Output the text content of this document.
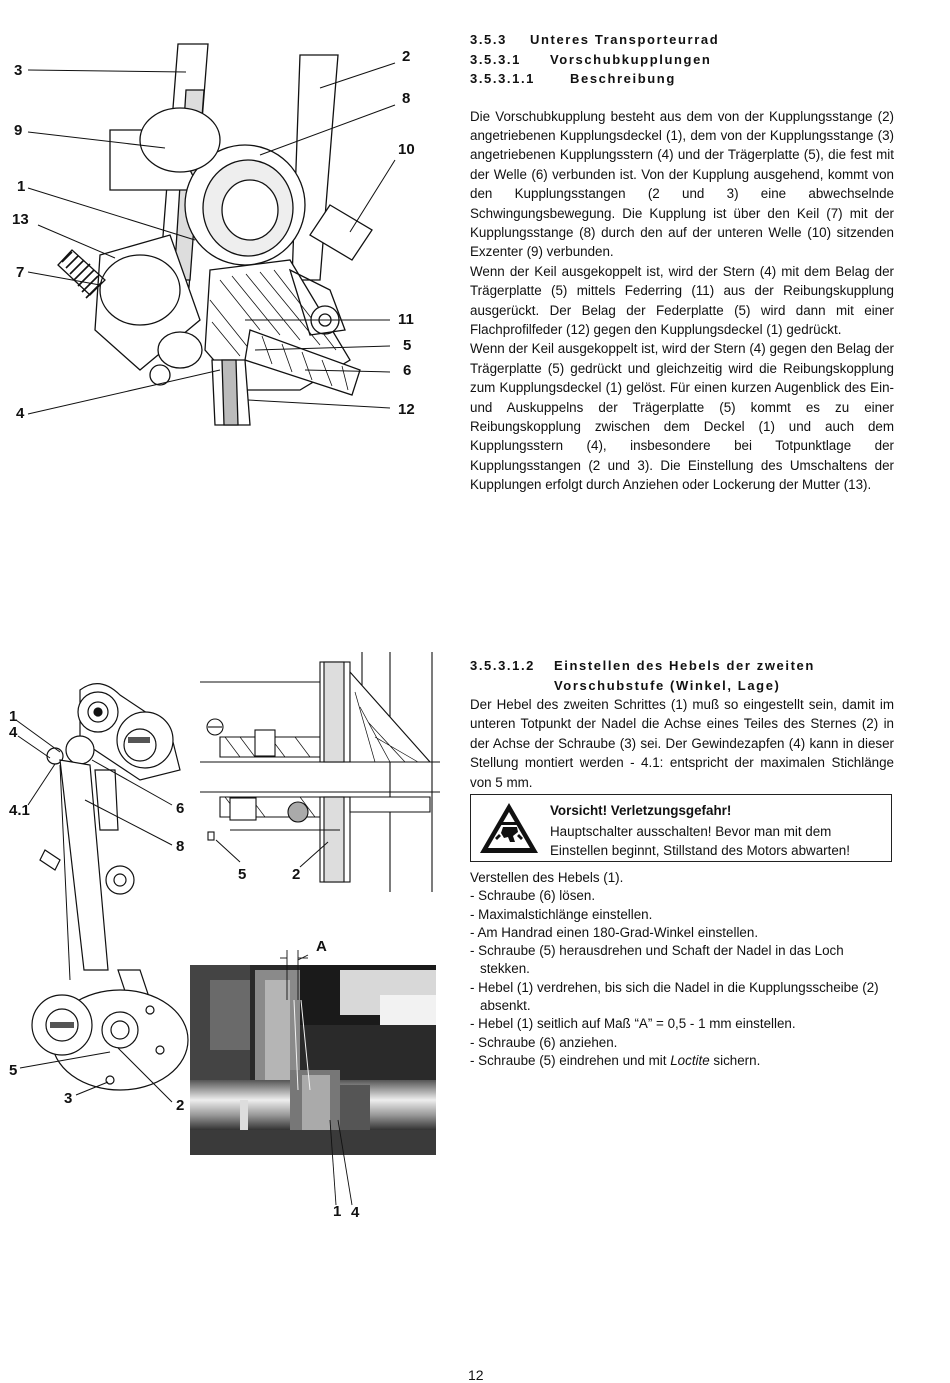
3
2
8
9
10
1
13
7
11
5
6
4	12
3.5.3 Unteres Transporteurrad
3.5.3.1 Vorschubkupplungen
3.5.3.1.1	Beschreibung

Die Vorschubkupplung besteht aus dem von der Kupplungsstange (2) angetriebenen Kupplungsdeckel (1), dem von der Kupplungsstange (3) angetriebenen Kupplungsstern (4) und der Trägerplatte (5), die fest mit der Welle (6) verbunden ist. Von der Kupplung ausgehend, kommt von den Kupplungsstangen (2 und 3) eine abwechselnde Schwingungsbewegung. Die Kupplung ist über den Keil (7) mit der Kupplungsstange (8) durch den auf der unteren Welle (10) sitzenden Exzenter (9) verbunden.

Wenn der Keil ausgekoppelt ist, wird der Stern (4) mit dem Belag der Trägerplatte (5) mittels Federring (11) aus der Reibungskupplung ausgerückt. Der Belag der Federplatte (5) wird dann mit einer Flachprofilfeder (12) gegen den Kupplungsdeckel (1) gedrückt.

Wenn der Keil ausgekoppelt ist, wird der Stern (4) gegen den Belag der Trägerplatte (5) gedrückt und gleichzeitig wird die Reibungskopplung zum Kupplungsdeckel (1) gelöst. Für einen kurzen Augenblick des Ein- und Auskuppelns der Trägerplatte (5) kommt es zu einer Reibungskopplung zwischen dem Deckel (1) und auch dem Kupplungsstern (4), insbesondere bei Totpunktlage der Kupplungsstangen (2 und 3). Die Einstellung des Umschaltens der Kupplungen erfolgt durch Anziehen oder Lockerung der Mutter (13).

1
4
4.1	6
8
5
3	2
5	2
A
1 4
3.5.3.1.2 Einstellen des Hebels der zweiten
Vorschubstufe (Winkel, Lage)

Der Hebel des zweiten Schrittes (1) muß so eingestellt sein, damit im unteren Totpunkt der Nadel die Achse eines Teiles des Sternes (2) in der Achse der Schraube (3) sei. Der Gewindezapfen (4) kann in dieser Stellung montiert werden - 4.1: entspricht der maximalen Stichlänge von 5 mm.

Vorsicht! Verletzungsgefahr!
Hauptschalter ausschalten! Bevor man mit dem Einstellen beginnt, Stillstand des Motors abwarten!
Verstellen des Hebels (1).
- Schraube (6) lösen.
- Maximalstichlänge einstellen.
- Am Handrad einen 180-Grad-Winkel einstellen.
- Schraube (5) herausdrehen und Schaft der Nadel in das Loch stekken.
- Hebel (1) verdrehen, bis sich die Nadel in die Kupplungsscheibe (2) absenkt.
- Hebel (1) seitlich auf Maß “A” = 0,5 - 1 mm einstellen.
- Schraube (6) anziehen.
- Schraube (5) eindrehen und mit Loctite sichern.
12
